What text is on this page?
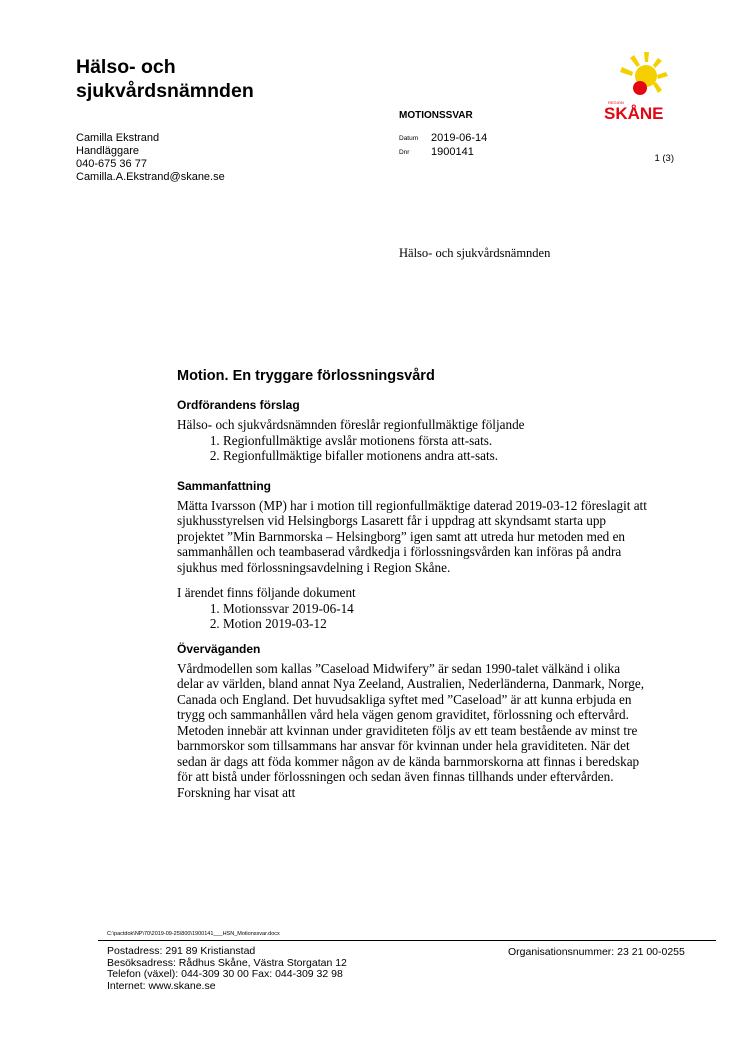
Hälso- och
sjukvårdsnämnden
Camilla Ekstrand
Handläggare
040-675 36 77
Camilla.A.Ekstrand@skane.se
MOTIONSSVAR
Datum 2019-06-14
Dnr 1900141
1 (3)
REGION
SKÅNE
Hälso- och sjukvårdsnämnden
Motion. En tryggare förlossningsvård
Ordförandens förslag

Hälso- och sjukvårdsnämnden föreslår regionfullmäktige följande

1. Regionfullmäktige avslår motionens första att-sats.
2. Regionfullmäktige bifaller motionens andra att-sats.
Sammanfattning

Mätta Ivarsson (MP) har i motion till regionfullmäktige daterad 2019-03-12 föreslagit att sjukhusstyrelsen vid Helsingborgs Lasarett får i uppdrag att skyndsamt starta upp projektet ”Min Barnmorska – Helsingborg” igen samt att utreda hur metoden med en sammanhållen och teambaserad vårdkedja i förlossningsvården kan införas på andra sjukhus med förlossningsavdelning i Region Skåne.

I ärendet finns följande dokument

1. Motionssvar 2019-06-14
2. Motion 2019-03-12
Överväganden

Vårdmodellen som kallas ”Caseload Midwifery” är sedan 1990-talet välkänd i olika delar av världen, bland annat Nya Zeeland, Australien, Nederländerna, Danmark, Norge, Canada och England. Det huvudsakliga syftet med ”Caseload” är att kunna erbjuda en trygg och sammanhållen vård hela vägen genom graviditet, förlossning och eftervård. Metoden innebär att kvinnan under graviditeten följs av ett team bestående av minst tre barnmorskor som tillsammans har ansvar för kvinnan under hela graviditeten. När det sedan är dags att föda kommer någon av de kända barnmorskorna att finnas i beredskap för att bistå under förlossningen och sedan även finnas tillhands under eftervården. Forskning har visat att

C:\pactdok\NP\70\2019-09-25\800\1900141___HSN_Motionssvar.docx
Postadress: 291 89 Kristianstad
Besöksadress: Rådhus Skåne, Västra Storgatan 12
Telefon (växel): 044-309 30 00 Fax: 044-309 32 98
Internet: www.skane.se
Organisationsnummer: 23 21 00-0255
